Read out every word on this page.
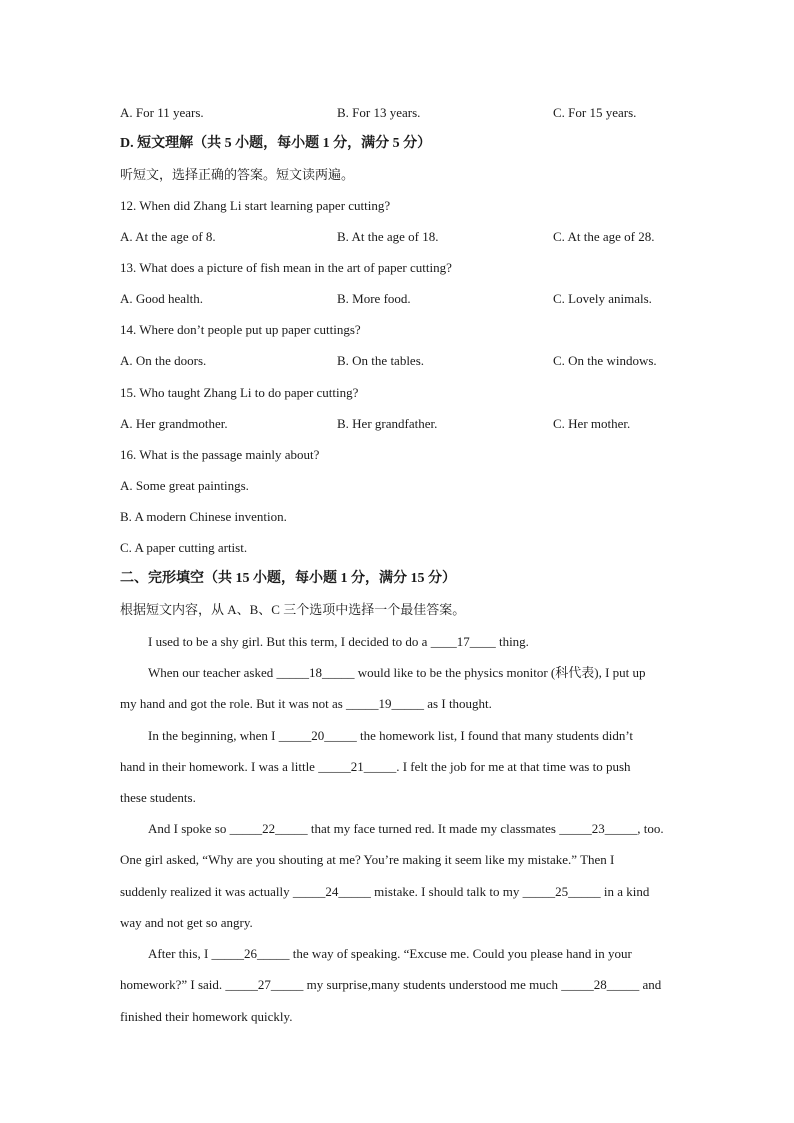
A. For 11 years.	B. For 13 years.	C. For 15 years.
D. 短文理解（共 5 小题，每小题 1 分，满分 5 分）
听短文，选择正确的答案。短文读两遍。
12. When did Zhang Li start learning paper cutting?
A. At the age of 8.	B. At the age of 18.	C. At the age of 28.
13. What does a picture of fish mean in the art of paper cutting?
A. Good health.	B. More food.	C. Lovely animals.
14. Where don’t people put up paper cuttings?
A. On the doors.	B. On the tables.	C. On the windows.
15. Who taught Zhang Li to do paper cutting?
A. Her grandmother.	B. Her grandfather.	C. Her mother.
16. What is the passage mainly about?
A. Some great paintings.
B. A modern Chinese invention.
C. A paper cutting artist.
二、完形填空（共 15 小题，每小题 1 分，满分 15 分）
根据短文内容，从 A、B、C 三个选项中选择一个最佳答案。
I used to be a shy girl. But this term, I decided to do a ____17____ thing.
When our teacher asked _____18_____ would like to be the physics monitor (科代表), I put up
my hand and got the role. But it was not as _____19_____ as I thought.
In the beginning, when I _____20_____ the homework list, I found that many students didn’t
hand in their homework. I was a little _____21_____. I felt the job for me at that time was to push
these students.
And I spoke so _____22_____ that my face turned red. It made my classmates _____23_____, too.
One girl asked, “Why are you shouting at me? You’re making it seem like my mistake.” Then I
suddenly realized it was actually _____24_____ mistake. I should talk to my _____25_____ in a kind
way and not get so angry.
After this, I _____26_____ the way of speaking. “Excuse me. Could you please hand in your
homework?” I said. _____27_____ my surprise,many students understood me much _____28_____ and
finished their homework quickly.
